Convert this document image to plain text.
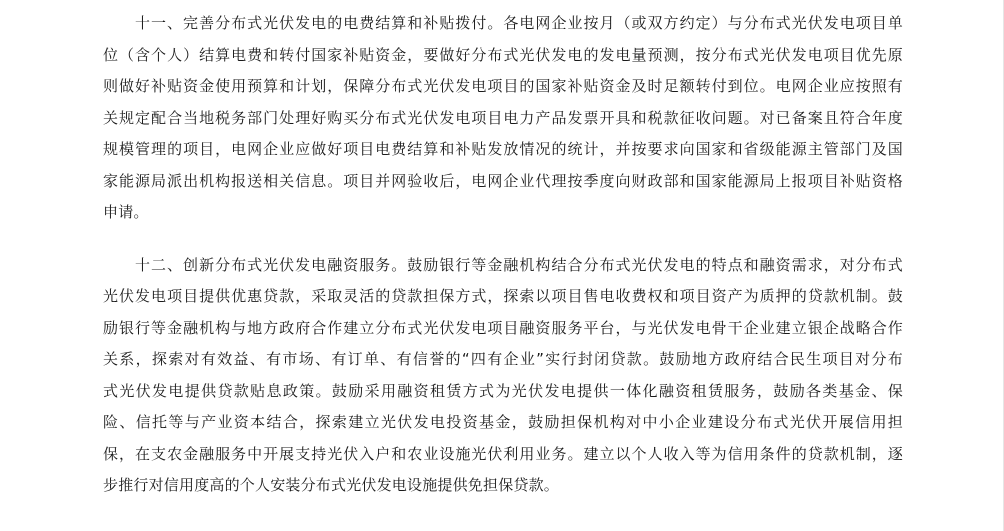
十一、完善分布式光伏发电的电费结算和补贴拨付。各电网企业按月（或双方约定）与分布式光伏发电项目单
位（含个人）结算电费和转付国家补贴资金，要做好分布式光伏发电的发电量预测，按分布式光伏发电项目优先原
则做好补贴资金使用预算和计划，保障分布式光伏发电项目的国家补贴资金及时足额转付到位。电网企业应按照有
关规定配合当地税务部门处理好购买分布式光伏发电项目电力产品发票开具和税款征收问题。对已备案且符合年度
规模管理的项目，电网企业应做好项目电费结算和补贴发放情况的统计，并按要求向国家和省级能源主管部门及国
家能源局派出机构报送相关信息。项目并网验收后，电网企业代理按季度向财政部和国家能源局上报项目补贴资格
申请。

十二、创新分布式光伏发电融资服务。鼓励银行等金融机构结合分布式光伏发电的特点和融资需求，对分布式
光伏发电项目提供优惠贷款，采取灵活的贷款担保方式，探索以项目售电收费权和项目资产为质押的贷款机制。鼓
励银行等金融机构与地方政府合作建立分布式光伏发电项目融资服务平台，与光伏发电骨干企业建立银企战略合作
关系，探索对有效益、有市场、有订单、有信誉的“四有企业”实行封闭贷款。鼓励地方政府结合民生项目对分布
式光伏发电提供贷款贴息政策。鼓励采用融资租赁方式为光伏发电提供一体化融资租赁服务，鼓励各类基金、保
险、信托等与产业资本结合，探索建立光伏发电投资基金，鼓励担保机构对中小企业建设分布式光伏开展信用担
保，在支农金融服务中开展支持光伏入户和农业设施光伏利用业务。建立以个人收入等为信用条件的贷款机制，逐
步推行对信用度高的个人安装分布式光伏发电设施提供免担保贷款。
